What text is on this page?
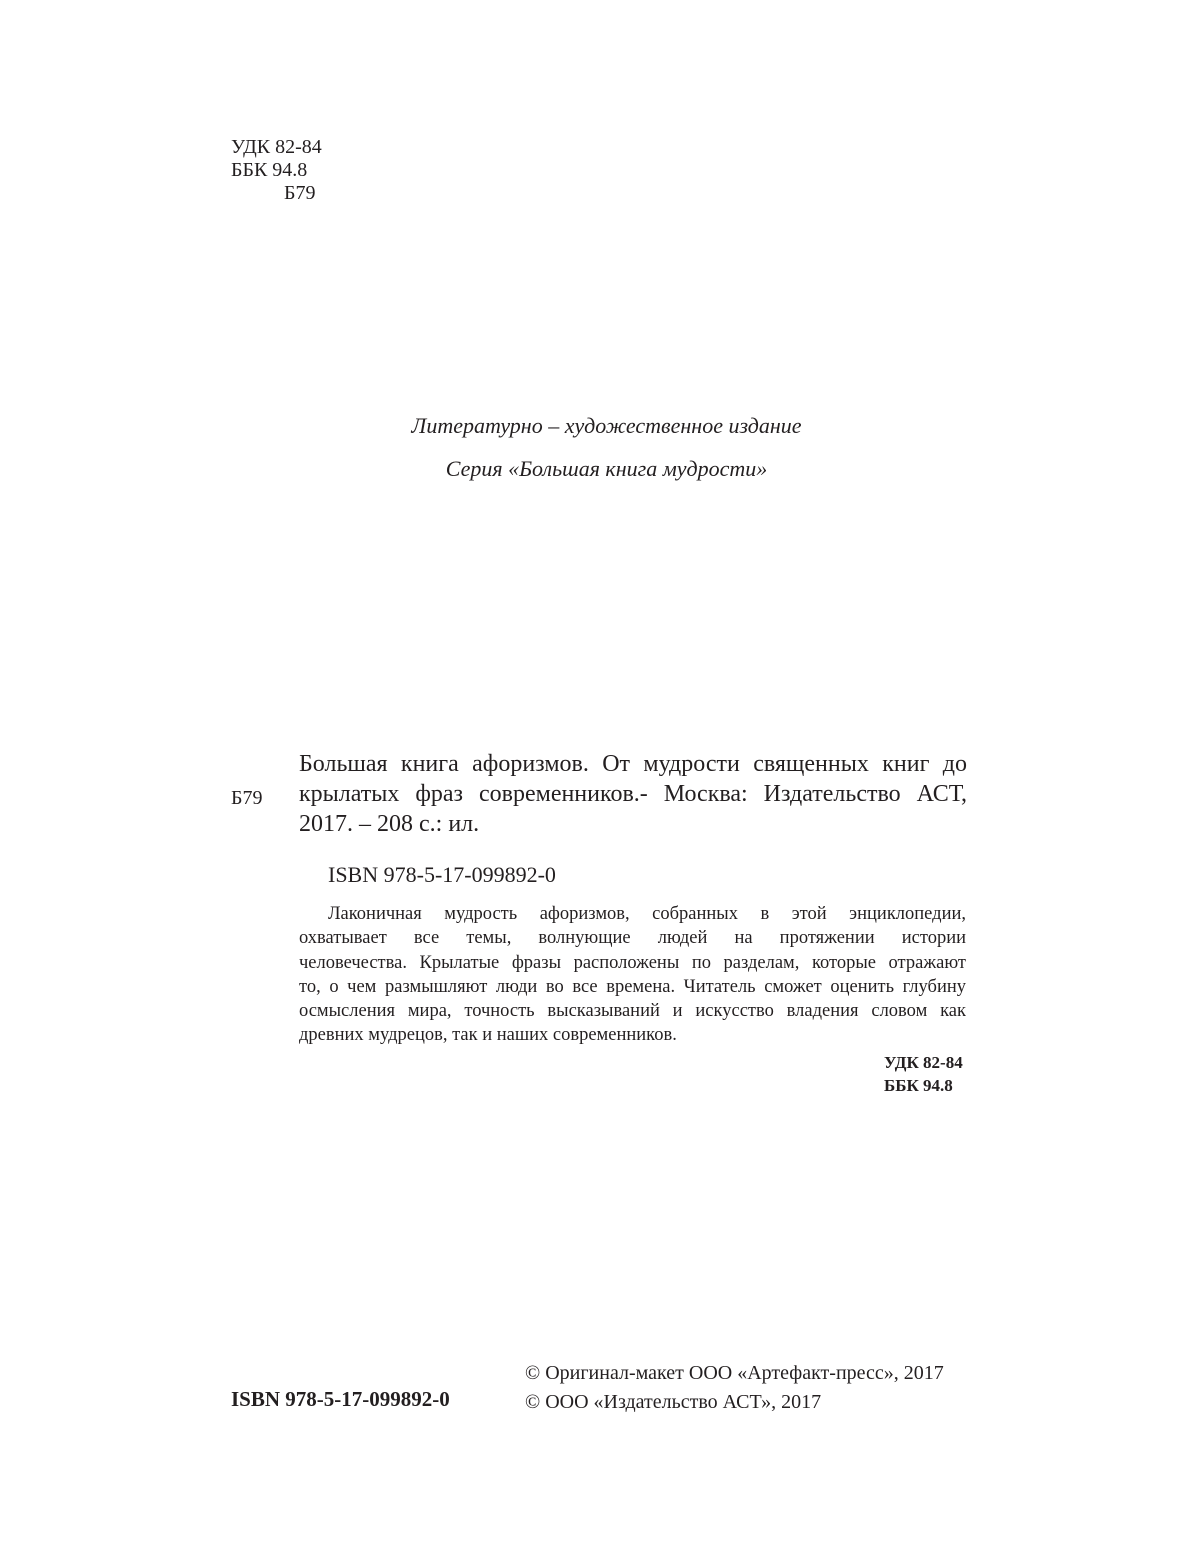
УДК 82-84
ББК 94.8
Б79
Литературно – художественное издание
Серия «Большая книга мудрости»
Б79
Большая книга афоризмов. От мудрости священных книг до
крылатых фраз современников.- Москва: Издательство АСТ,
2017. – 208 с.: ил.
ISBN 978-5-17-099892-0
Лаконичная мудрость афоризмов, собранных в этой энциклопедии,
охватывает все темы, волнующие людей на протяжении истории
человечества. Крылатые фразы расположены по разделам, которые отражают
то, о чем размышляют люди во все времена. Читатель сможет оценить глубину
осмысления мира, точность высказываний и искусство владения словом как
древних мудрецов, так и наших современников.
УДК 82-84
ББК 94.8
© Оригинал-макет ООО «Артефакт-пресс», 2017
© ООО «Издательство АСТ», 2017
ISBN 978-5-17-099892-0
